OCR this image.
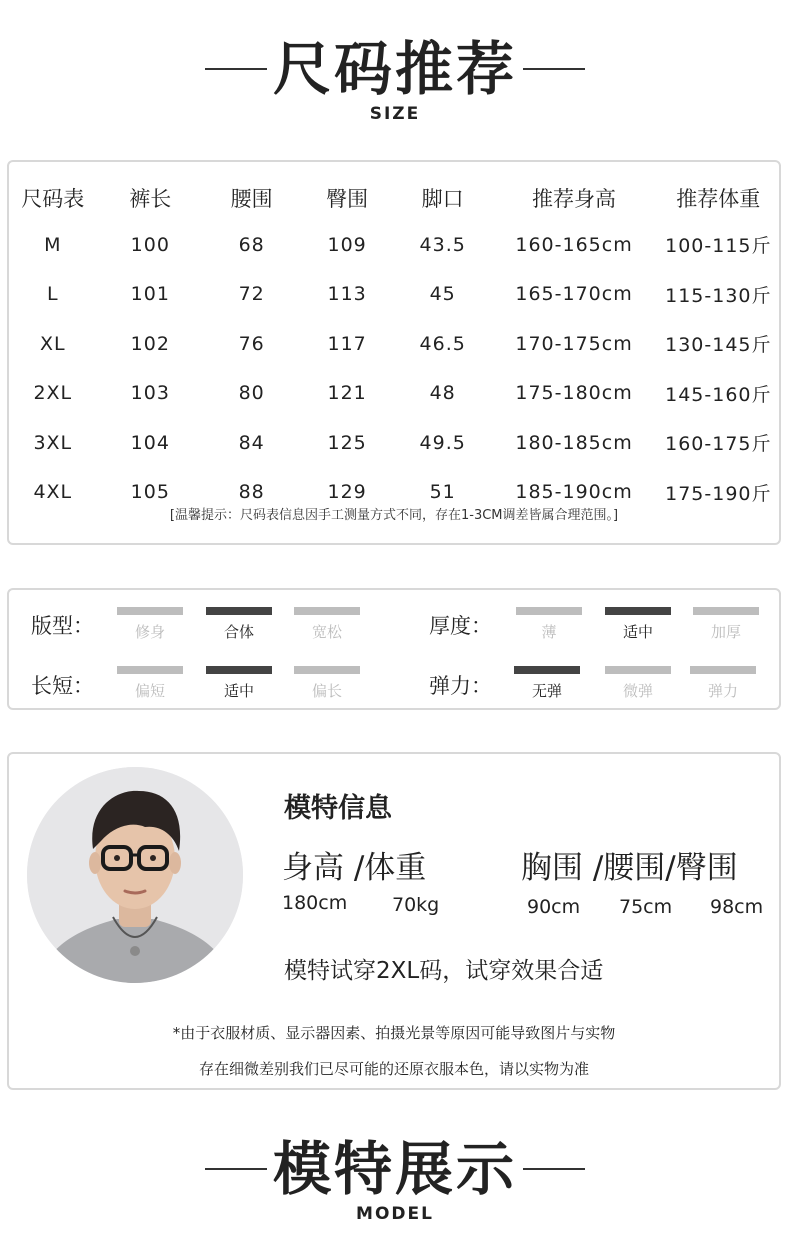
尺码推荐
SIZE
尺码表	裤长	腰围	臀围	脚口	推荐身高	推荐体重
M	100	68	109	43.5	160-165cm	100-115斤
L	101	72	113	45	165-170cm	115-130斤
XL	102	76	117	46.5	170-175cm	130-145斤
2XL	103	80	121	48	175-180cm	145-160斤
3XL	104	84	125	49.5	180-185cm	160-175斤
4XL	105	88	129	51	185-190cm	175-190斤
[温馨提示：尺码表信息因手工测量方式不同，存在1-3CM调差皆属合理范围。]
版型：	修身	合体	宽松	厚度：	薄	适中	加厚
长短：	偏短	适中	偏长	弹力：	无弹	微弹	弹力
模特信息
身高 /体重
180cm 70kg
胸围 /腰围/臀围
90cm 75cm 98cm
模特试穿2XL码，试穿效果合适
*由于衣服材质、显示器因素、拍摄光景等原因可能导致图片与实物
存在细微差别我们已尽可能的还原衣服本色，请以实物为准
模特展示
MODEL
